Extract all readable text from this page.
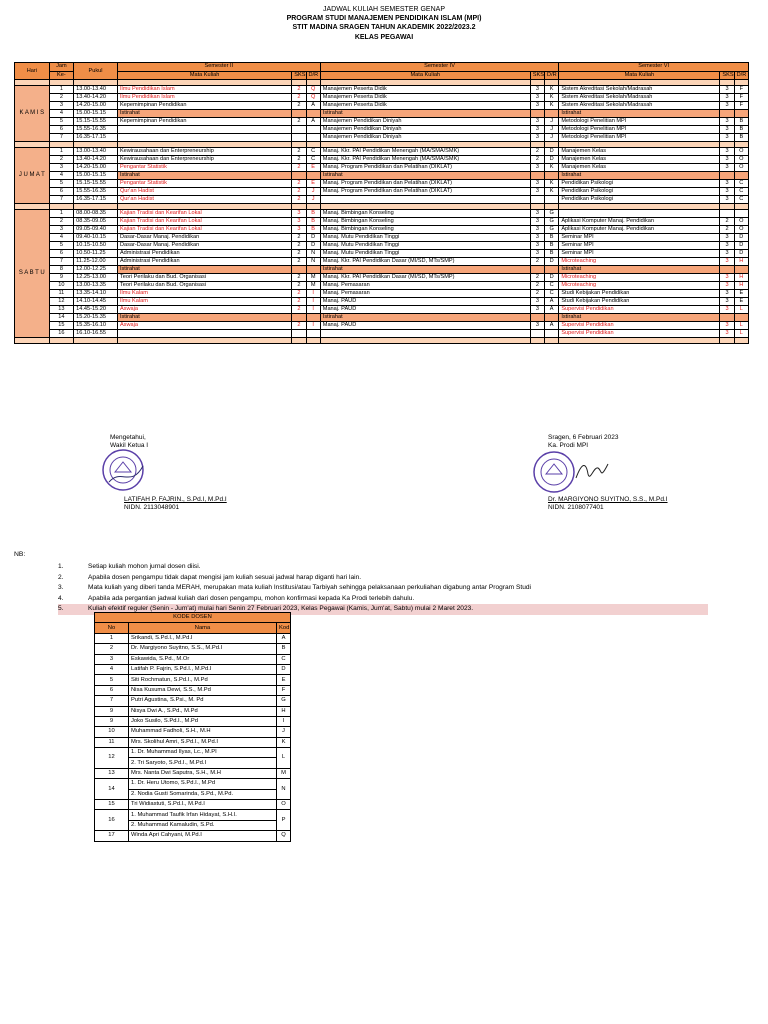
JADWAL KULIAH SEMESTER GENAP
PROGRAM STUDI MANAJEMEN PENDIDIKAN ISLAM (MPI)
STIT MADINA SRAGEN TAHUN AKADEMIK 2022/2023.2
KELAS PEGAWAI
Hari	Jam	Pukul	Semester II			Semester IV			Semester VI		
	Ke-		Mata Kuliah	SKS	D/R	Mata Kuliah	SKS	D/R	Mata Kuliah	SKS	D/R

K A M I S	1	13.00-13.40	Ilmu Pendidikan Islam	2	Q	Manajemen Peserta Didik	3	K	Sistem Akreditasi Sekolah/Madrasah	3	F
	2	13.40-14.20	Ilmu Pendidikan Islam	2	Q	Manajemen Peserta Didik	3	K	Sistem Akreditasi Sekolah/Madrasah	3	F
	3	14.20-15.00	Kepemimpinan Pendidikan	2	A	Manajemen Peserta Didik	3	K	Sistem Akreditasi Sekolah/Madrasah	3	F
	4	15.00-15.15	Istirahat			Istirahat			Istirahat		
	5	15.15-15.55	Kepemimpinan Pendidikan	2	A	Manajemen Pendidikan Diniyah	3	J	Metodologi Penelitian MPI	3	B
	6	15.55-16.35				Manajemen Pendidikan Diniyah	3	J	Metodologi Penelitian MPI	3	B
	7	16.35-17.15				Manajemen Pendidikan Diniyah	3	J	Metodologi Penelitian MPI	3	B

J U M A T	1	13.00-13.40	Kewirausahaan dan Enterpreneurship	2	C	Manaj. Kkr. PAI Pendidikan Menengah (MA/SMA/SMK)	2	D	Manajemen Kelas	3	O
	2	13.40-14.20	Kewirausahaan dan Enterpreneurship	2	C	Manaj. Kkr. PAI Pendidikan Menengah (MA/SMA/SMK)	2	D	Manajemen Kelas	3	O
	3	14.20-15.00	Pengantar Statistik	2	E	Manaj. Program Pendidikan dan Pelatihan (DIKLAT)	3	K	Manajemen Kelas	3	O
	4	15.00-15.15	Istirahat			Istirahat			Istirahat		
	5	15.15-15.55	Pengantar Statistik	2	E	Manaj. Program Pendidikan dan Pelatihan (DIKLAT)	3	K	Pendidikan Psikologi	3	C
	6	15.55-16.35	Qur'an Hadist	2	J	Manaj. Program Pendidikan dan Pelatihan (DIKLAT)	3	K	Pendidikan Psikologi	3	C
	7	16.35-17.15	Qur'an Hadist	2	J				Pendidikan Psikologi	3	C

S A B T U	1	08.00-08.35	Kajian Tradisi dan Kearifan Lokal	3	B	Manaj. Bimbingan Konseling	3	G			
	2	08.35-09.05	Kajian Tradisi dan Kearifan Lokal	3	B	Manaj. Bimbingan Konseling	3	G	Aplikasi Komputer Manaj. Pendidikan	2	O
	3	09.05-09.40	Kajian Tradisi dan Kearifan Lokal	3	B	Manaj. Bimbingan Konseling	3	G	Aplikasi Komputer Manaj. Pendidikan	2	O
	4	09.40-10.15	Dasar-Dasar Manaj. Pendidikan	2	D	Manaj. Mutu Pendidikan Tinggi	3	B	Seminar MPI	3	D
	5	10.15-10.50	Dasar-Dasar Manaj. Pendidikan	2	D	Manaj. Mutu Pendidikan Tinggi	3	B	Seminar MPI	3	D
	6	10.50-11.25	Administrasi Pendidikan	2	N	Manaj. Mutu Pendidikan Tinggi	3	B	Seminar MPI	3	D
	7	11.25-12.00	Administrasi Pendidikan	2	N	Manaj. Kkr. PAI Pendidikan Dasar (MI/SD, MTs/SMP)	2	D	Microteaching	3	H
	8	12.00-12.25	Istirahat			Istirahat			Istirahat		
	9	12.25-13.00	Teori Perilaku dan Bud. Organisasi	2	M	Manaj. Kkr. PAI Pendidikan Dasar (MI/SD, MTs/SMP)	2	D	Microteaching	3	H
	10	13.00-13.35	Teori Perilaku dan Bud. Organisasi	2	M	Manaj. Pemasaran	2	C	Microteaching	3	H
	11	13.35-14.10	Ilmu Kalam	2	I	Manaj. Pemasaran	2	C	Studi Kebijakan Pendidikan	3	E
	12	14.10-14.45	Ilmu Kalam	2	I	Manaj. PAUD	3	A	Studi Kebijakan Pendidikan	3	E
	13	14.45-15.20	Aswaja	2	I	Manaj. PAUD	3	A	Supervisi Pendidikan	3	L
	14	15.20-15.35	Istirahat			Istirahat			Istirahat		
	15	15.35-16.10	Aswaja	2	I	Manaj. PAUD	3	A	Supervisi Pendidikan	3	L
	16	16.10-16.55							Supervisi Pendidikan	3	L

Mengetahui,
Wakil Ketua I
LATIFAH P. FAJRIN., S.Pd.I, M.Pd.I
NIDN. 2113048901
Sragen, 6 Februari 2023
Ka. Prodi MPI
Dr. MARGIYONO SUYITNO, S.S., M.Pd.I
NIDN. 2108077401
NB:
1.	Setiap kuliah mohon jurnal dosen diisi.
2.	Apabila dosen pengampu tidak dapat mengisi jam kuliah sesuai jadwal harap diganti hari lain.
3.	Mata kuliah yang diberi tanda MERAH, merupakan mata kuliah Institusi/atau Tarbiyah sehingga pelaksanaan perkuliahan digabung antar Program Studi
4.	Apabila ada pergantian jadwal kuliah dari dosen pengampu, mohon konfirmasi kepada Ka Prodi terlebih dahulu.
5.	Kuliah efektif reguler (Senin - Jum'at) mulai hari Senin 27 Februari 2023, Kelas Pegawai (Kamis, Jum'at, Sabtu) mulai 2 Maret 2023.
KODE DOSEN		
No	Nama	Kod
1	Srikandi, S.Pd.I., M.Pd.I	A
2	Dr. Margiyono Suyitno, S.S., M.Pd.I	B
3	Eskawida, S.Pd., M.Or	C
4	Latifah P. Fajrin, S.Pd.I., M.Pd.I	D
5	Siti Rochmatun, S.Pd.I., M.Pd	E
6	Nisa Kusuma Dewi, S.S., M.Pd	F
7	Putri Agustina, S.Psi., M. Pd	G
9	Nisya Dwi A., S.Pd., M.Pd	H
9	Joko Susilo, S.Pd.I., M.Pd	I
10	Muhammad Fadholi, S.H., M.H	J
11	Mrs. Skolihul Amri, S.Pd.I., M.Pd.I	K
12	1. Dr. Muhammad Ilyas, Lc., M.PI	L
	2. Tri Saryoto, S.Pd.I., M.Pd.I	
13	Mrs. Nanta Dwi Saputra, S.H., M.H	M
14	1. Dr. Heru Utomo, S.Pd.I., M.Pd	N
	2. Nodia Gusti Somarinda, S.Pd., M.Pd.	
15	Tri Widiastuti, S.Pd.I., M.Pd.I	O
16	1. Muhammad Taufik Irfan Hidayat, S.H.I.	P
	2. Muhammad Kamaludin, S.Pd.	
17	Winda Apri Cahyani, M.Pd.I	Q
